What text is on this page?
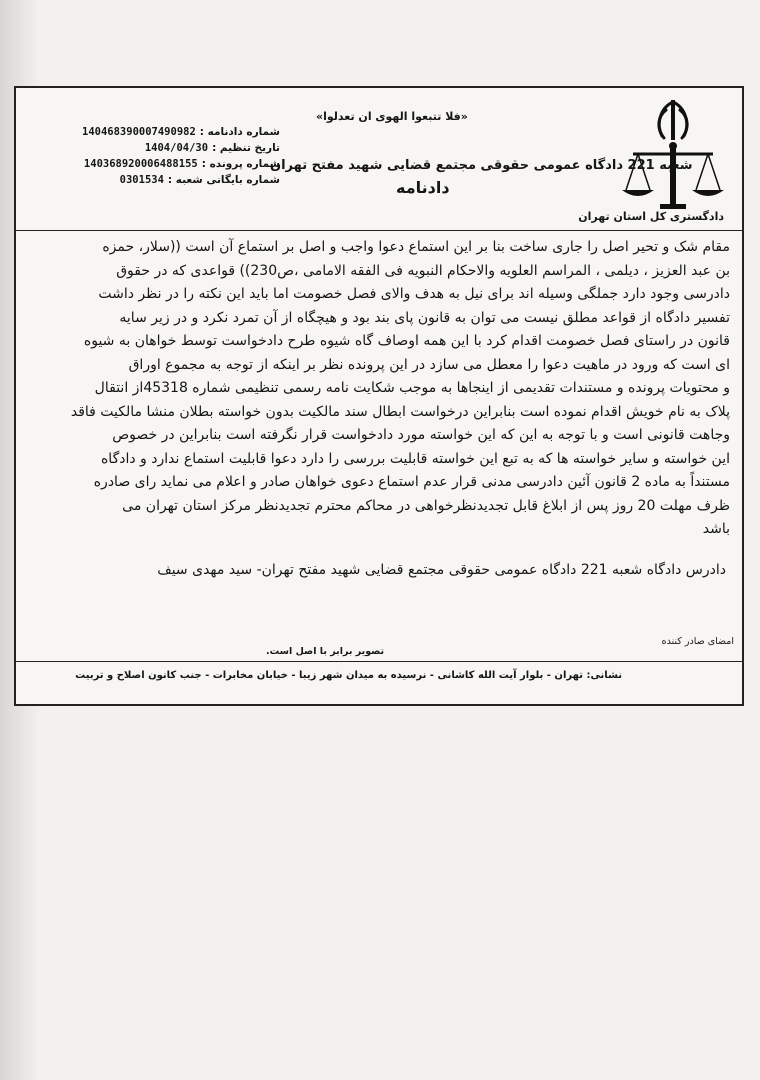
دادگستری کل استان تهران
«فلا تتبعوا الهوى ان تعدلوا»
شعبه 221 دادگاه عمومی حقوقی مجتمع قضایی شهید مفتح تهران
دادنامه
شماره دادنامه :
140468390007490982
تاریخ تنظیم :
1404/04/30
شماره پرونده :
140368920006488155
شماره بایگانی شعبه :
0301534
مقام شک و تحیر اصل را جاری ساخت بنا بر این استماع دعوا واجب و اصل بر استماع آن است ((سلار، حمزه
بن عبد العزیز ، دیلمی ، المراسم العلویه والاحکام النبویه فی الفقه الامامی ،ص230)) قواعدی که در حقوق
دادرسی وجود دارد جملگی وسیله اند برای نیل به هدف والای فصل خصومت اما باید این نکته را در نظر داشت
تفسیر دادگاه از قواعد مطلق نیست می توان به قانون پای بند بود و هیچگاه از آن تمرد نکرد و در زیر سایه
قانون در راستای فصل خصومت اقدام کرد با این همه اوصاف گاه شیوه طرح دادخواست توسط خواهان به شیوه
ای است که ورود در ماهیت دعوا را معطل می سازد در این پرونده نظر بر اینکه از توجه به مجموع اوراق
و محتویات پرونده و مستندات تقدیمی از اینجاها به موجب شکایت نامه رسمی تنظیمی شماره 45318از انتقال
پلاک به نام خویش اقدام نموده است بنابراین درخواست ابطال سند مالکیت بدون خواسته بطلان منشا مالکیت فاقد
وجاهت قانونی است و با توجه به این که این خواسته مورد دادخواست قرار نگرفته است بنابراین در خصوص
این خواسته و سایر خواسته ها که به تبع این خواسته قابلیت بررسی را دارد دعوا قابلیت استماع ندارد و دادگاه
مستنداً به ماده 2 قانون آئین دادرسی مدنی قرار عدم استماع دعوی خواهان صادر و اعلام می نماید رای صادره
ظرف مهلت 20 روز پس از ابلاغ قابل تجدیدنظرخواهی در محاکم محترم تجدیدنظر مرکز استان تهران می
باشد
دادرس دادگاه شعبه 221 دادگاه عمومی حقوقی مجتمع قضایی شهید مفتح تهران- سید مهدی سیف
امضای صادر کننده
تصویر برابر با اصل است.
نشانی: تهران - بلوار آیت الله کاشانی - نرسیده به میدان شهر زیبا - خیابان مخابرات - جنب کانون اصلاح و تربیت
